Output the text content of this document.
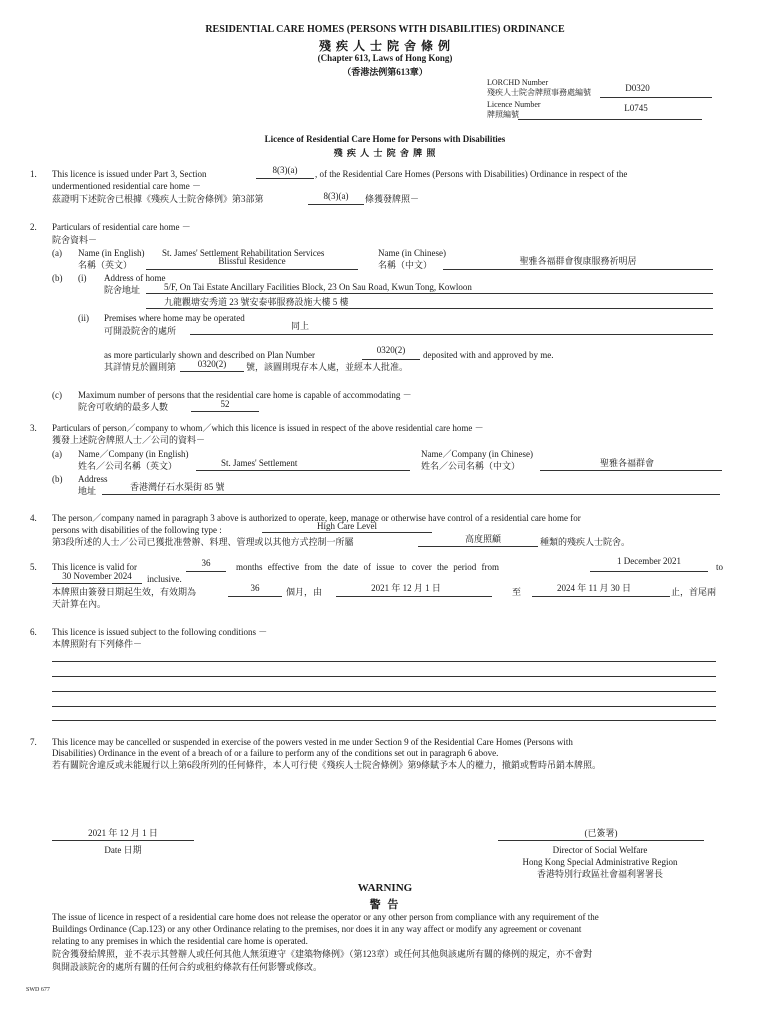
RESIDENTIAL CARE HOMES (PERSONS WITH DISABILITIES) ORDINANCE
殘 疾 人 士 院 舍 條 例
(Chapter 613, Laws of Hong Kong)
（香港法例第613章）
LORCHD Number
殘疾人士院舍牌照事務處編號	D0320
Licence Number
牌照編號
L0745
Licence of Residential Care Home for Persons with Disabilities
殘 疾 人 士 院 舍 牌 照
1. This licence is issued under Part 3, Section	8(3)(a)	, of the Residential Care Homes (Persons with Disabilities) Ordinance in respect of the
undermentioned residential care home －
茲證明下述院舍已根據《殘疾人士院舍條例》第3部第	8(3)(a)	條獲發牌照－
2. Particulars of residential care home －
院舍資料－
(a) Name (in English) St. James' Settlement Rehabilitation Services
名稱（英文）	Blissful Residence
Name (in Chinese)
名稱（中文）	聖雅各福群會復康服務祈明居
(b) (i) Address of home
院舍地址	5/F, On Tai Estate Ancillary Facilities Block, 23 On Sau Road, Kwun Tong, Kowloon
九龍觀塘安秀道 23 號安泰邨服務設施大樓 5 樓
(ii) Premises where home may be operated
可開設院舍的處所	同上
as more particularly shown and described on Plan Number	0320(2)	deposited with and approved by me.
其詳情見於圖則第	0320(2)	號，該圖則現存本人處，並經本人批准。
(c) Maximum number of persons that the residential care home is capable of accommodating －
院舍可收納的最多人數	52
3. Particulars of person／company to whom／which this licence is issued in respect of the above residential care home －
獲發上述院舍牌照人士／公司的資料－
(a) Name／Company (in English)
姓名／公司名稱（英文）	St. James' Settlement
Name／Company (in Chinese)
姓名／公司名稱（中文）	聖雅各福群會
(b) Address
地址	香港灣仔石水渠街 85 號
4. The person／company named in paragraph 3 above is authorized to operate, keep, manage or otherwise have control of a residential care home for
persons with disabilities of the following type :	High Care Level
第3段所述的人士／公司已獲批准營辦、料理、管理或以其他方式控制一所屬	高度照顧	種類的殘疾人士院舍。
5. This licence is valid for	36	months effective from the date of issue to cover the period from
1 December 2021
to
30 November 2024	inclusive.
本牌照由簽發日期起生效，有效期為	36	個月，由	2021 年 12 月 1 日	至	2024 年 11 月 30 日	止，首尾兩
天計算在內。
6. This licence is issued subject to the following conditions －
本牌照附有下列條件－
7. This licence may be cancelled or suspended in exercise of the powers vested in me under Section 9 of the Residential Care Homes (Persons with
Disabilities) Ordinance in the event of a breach of or a failure to perform any of the conditions set out in paragraph 6 above.
若有關院舍違反或未能履行以上第6段所列的任何條件，本人可行使《殘疾人士院舍條例》第9條賦予本人的權力，撤銷或暫時吊銷本牌照。
2021 年 12 月 1 日
Date 日期
(已簽署)
Director of Social Welfare
Hong Kong Special Administrative Region
香港特別行政區社會福利署署長
WARNING
警 告
The issue of licence in respect of a residential care home does not release the operator or any other person from compliance with any requirement of the
Buildings Ordinance (Cap.123) or any other Ordinance relating to the premises, nor does it in any way affect or modify any agreement or covenant
relating to any premises in which the residential care home is operated.
院舍獲發給牌照，並不表示其營辦人或任何其他人無須遵守《建築物條例》（第123章）或任何其他與該處所有關的條例的規定，亦不會對
與開設該院舍的處所有關的任何合約或租約條款有任何影響或修改。
SWD 677
